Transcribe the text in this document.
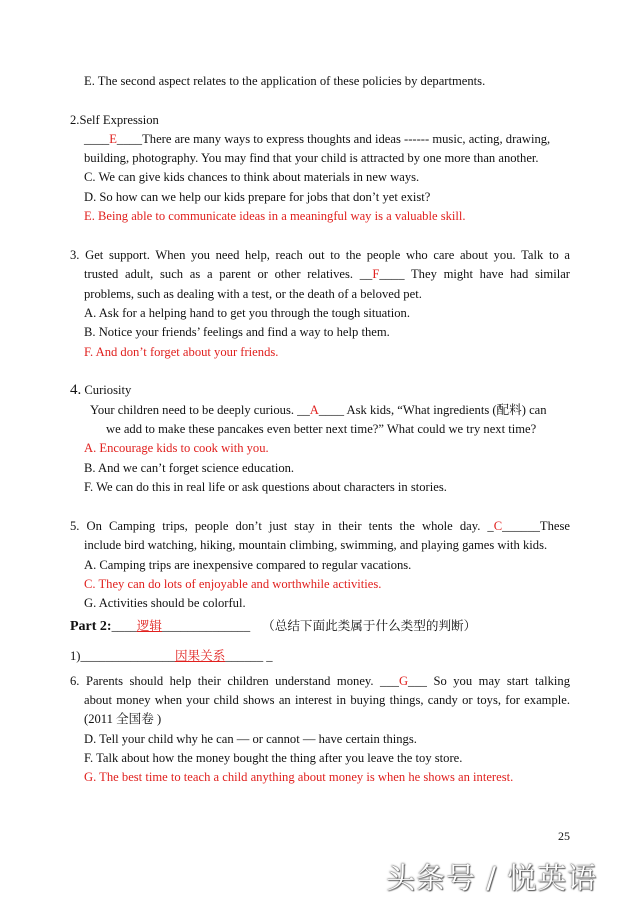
E. The second aspect relates to the application of these policies by departments.
2.Self Expression
____E____There are many ways to express thoughts and ideas ------ music, acting, drawing,
building, photography. You may find that your child is attracted by one more than another.
C. We can give kids chances to think about materials in new ways.
D. So how can we help our kids prepare for jobs that don’t yet exist?
E. Being able to communicate ideas in a meaningful way is a valuable skill.
3. Get support. When you need help, reach out to the people who care about you. Talk to a
trusted adult, such as a parent or other relatives. __F____ They might have had similar
problems, such as dealing with a test, or the death of a beloved pet.
A. Ask for a helping hand to get you through the tough situation.
B. Notice your friends’ feelings and find a way to help them.
F. And don’t forget about your friends.
4. Curiosity
Your children need to be deeply curious. __A____ Ask kids, “What ingredients (配料) can
we add to make these pancakes even better next time?” What could we try next time?
A. Encourage kids to cook with you.
B. And we can’t forget science education.
F. We can do this in real life or ask questions about characters in stories.
5. On Camping trips, people don’t just stay in their tents the whole day. _C______These
include bird watching, hiking, mountain climbing, swimming, and playing games with kids.
A. Camping trips are inexpensive compared to regular vacations.
C. They can do lots of enjoyable and worthwhile activities.
G. Activities should be colorful.
Part 2:____逻辑______________ （总结下面此类属于什么类型的判断）
1)_______________因果关系______ _
6. Parents should help their children understand money. ___G___ So you may start talking
about money when your child shows an interest in buying things, candy or toys, for example.
(2011 全国卷 )
D. Tell your child why he can — or cannot — have certain things.
F. Talk about how the money bought the thing after you leave the toy store.
G. The best time to teach a child anything about money is when he shows an interest.
25
头条号 / 悦英语
